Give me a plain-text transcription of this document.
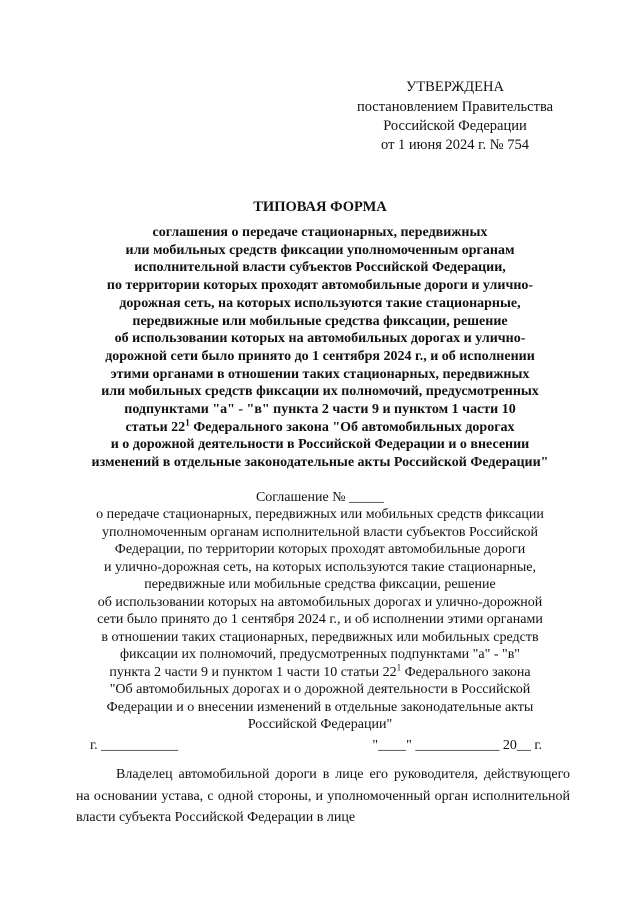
УТВЕРЖДЕНА
постановлением Правительства
Российской Федерации
от 1 июня 2024 г. № 754
ТИПОВАЯ ФОРМА
соглашения о передаче стационарных, передвижных
или мобильных средств фиксации уполномоченным органам
исполнительной власти субъектов Российской Федерации,
по территории которых проходят автомобильные дороги и улично-
дорожная сеть, на которых используются такие стационарные,
передвижные или мобильные средства фиксации, решение
об использовании которых на автомобильных дорогах и улично-
дорожной сети было принято до 1 сентября 2024 г., и об исполнении
этими органами в отношении таких стационарных, передвижных
или мобильных средств фиксации их полномочий, предусмотренных
подпунктами "а" - "в" пункта 2 части 9 и пунктом 1 части 10
статьи $22^1$ Федерального закона "Об автомобильных дорогах
и о дорожной деятельности в Российской Федерации и о внесении
изменений в отдельные законодательные акты Российской Федерации"
Соглашение № _____
о передаче стационарных, передвижных или мобильных средств фиксации
уполномоченным органам исполнительной власти субъектов Российской
Федерации, по территории которых проходят автомобильные дороги
и улично-дорожная сеть, на которых используются такие стационарные,
передвижные или мобильные средства фиксации, решение
об использовании которых на автомобильных дорогах и улично-дорожной
сети было принято до 1 сентября 2024 г., и об исполнении этими органами
в отношении таких стационарных, передвижных или мобильных средств
фиксации их полномочий, предусмотренных подпунктами "а" - "в"
пункта 2 части 9 и пунктом 1 части 10 статьи $22^1$ Федерального закона
"Об автомобильных дорогах и о дорожной деятельности в Российской
Федерации и о внесении изменений в отдельные законодательные акты
Российской Федерации"
г. ___________	"____" ____________ 20__ г.
Владелец автомобильной дороги в лице его руководителя, действующего на основании устава, с одной стороны, и уполномоченный орган исполнительной власти субъекта Российской Федерации в лице
